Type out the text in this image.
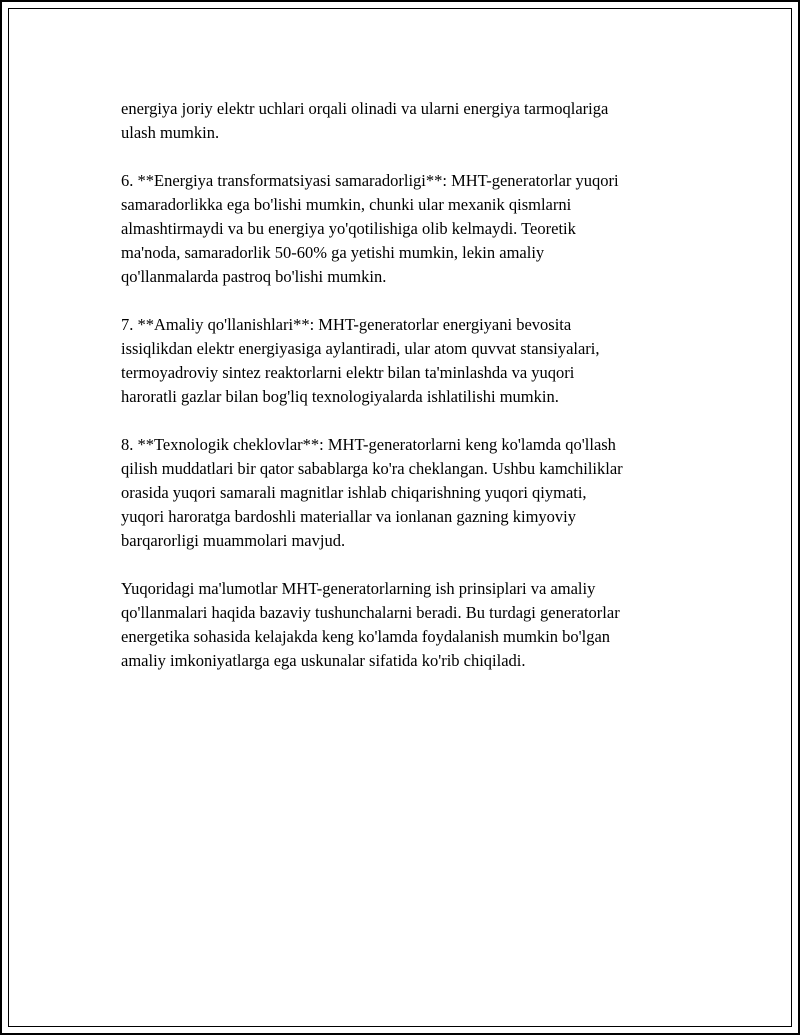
energiya joriy elektr uchlari orqali olinadi va ularni energiya tarmoqlariga
ulash mumkin.

6. **Energiya transformatsiyasi samaradorligi**: MHT-generatorlar yuqori
samaradorlikka ega bo'lishi mumkin, chunki ular mexanik qismlarni
almashtirmaydi va bu energiya yo'qotilishiga olib kelmaydi. Teoretik
ma'noda, samaradorlik 50-60% ga yetishi mumkin, lekin amaliy
qo'llanmalarda pastroq bo'lishi mumkin.

7. **Amaliy qo'llanishlari**: MHT-generatorlar energiyani bevosita
issiqlikdan elektr energiyasiga aylantiradi, ular atom quvvat stansiyalari,
termoyadroviy sintez reaktorlarni elektr bilan ta'minlashda va yuqori
haroratli gazlar bilan bog'liq texnologiyalarda ishlatilishi mumkin.

8. **Texnologik cheklovlar**: MHT-generatorlarni keng ko'lamda qo'llash
qilish muddatlari bir qator sabablarga ko'ra cheklangan. Ushbu kamchiliklar
orasida yuqori samarali magnitlar ishlab chiqarishning yuqori qiymati,
yuqori haroratga bardoshli materiallar va ionlanan gazning kimyoviy
barqarorligi muammolari mavjud.

Yuqoridagi ma'lumotlar MHT-generatorlarning ish prinsiplari va amaliy
qo'llanmalari haqida bazaviy tushunchalarni beradi. Bu turdagi generatorlar
energetika sohasida kelajakda keng ko'lamda foydalanish mumkin bo'lgan
amaliy imkoniyatlarga ega uskunalar sifatida ko'rib chiqiladi.
